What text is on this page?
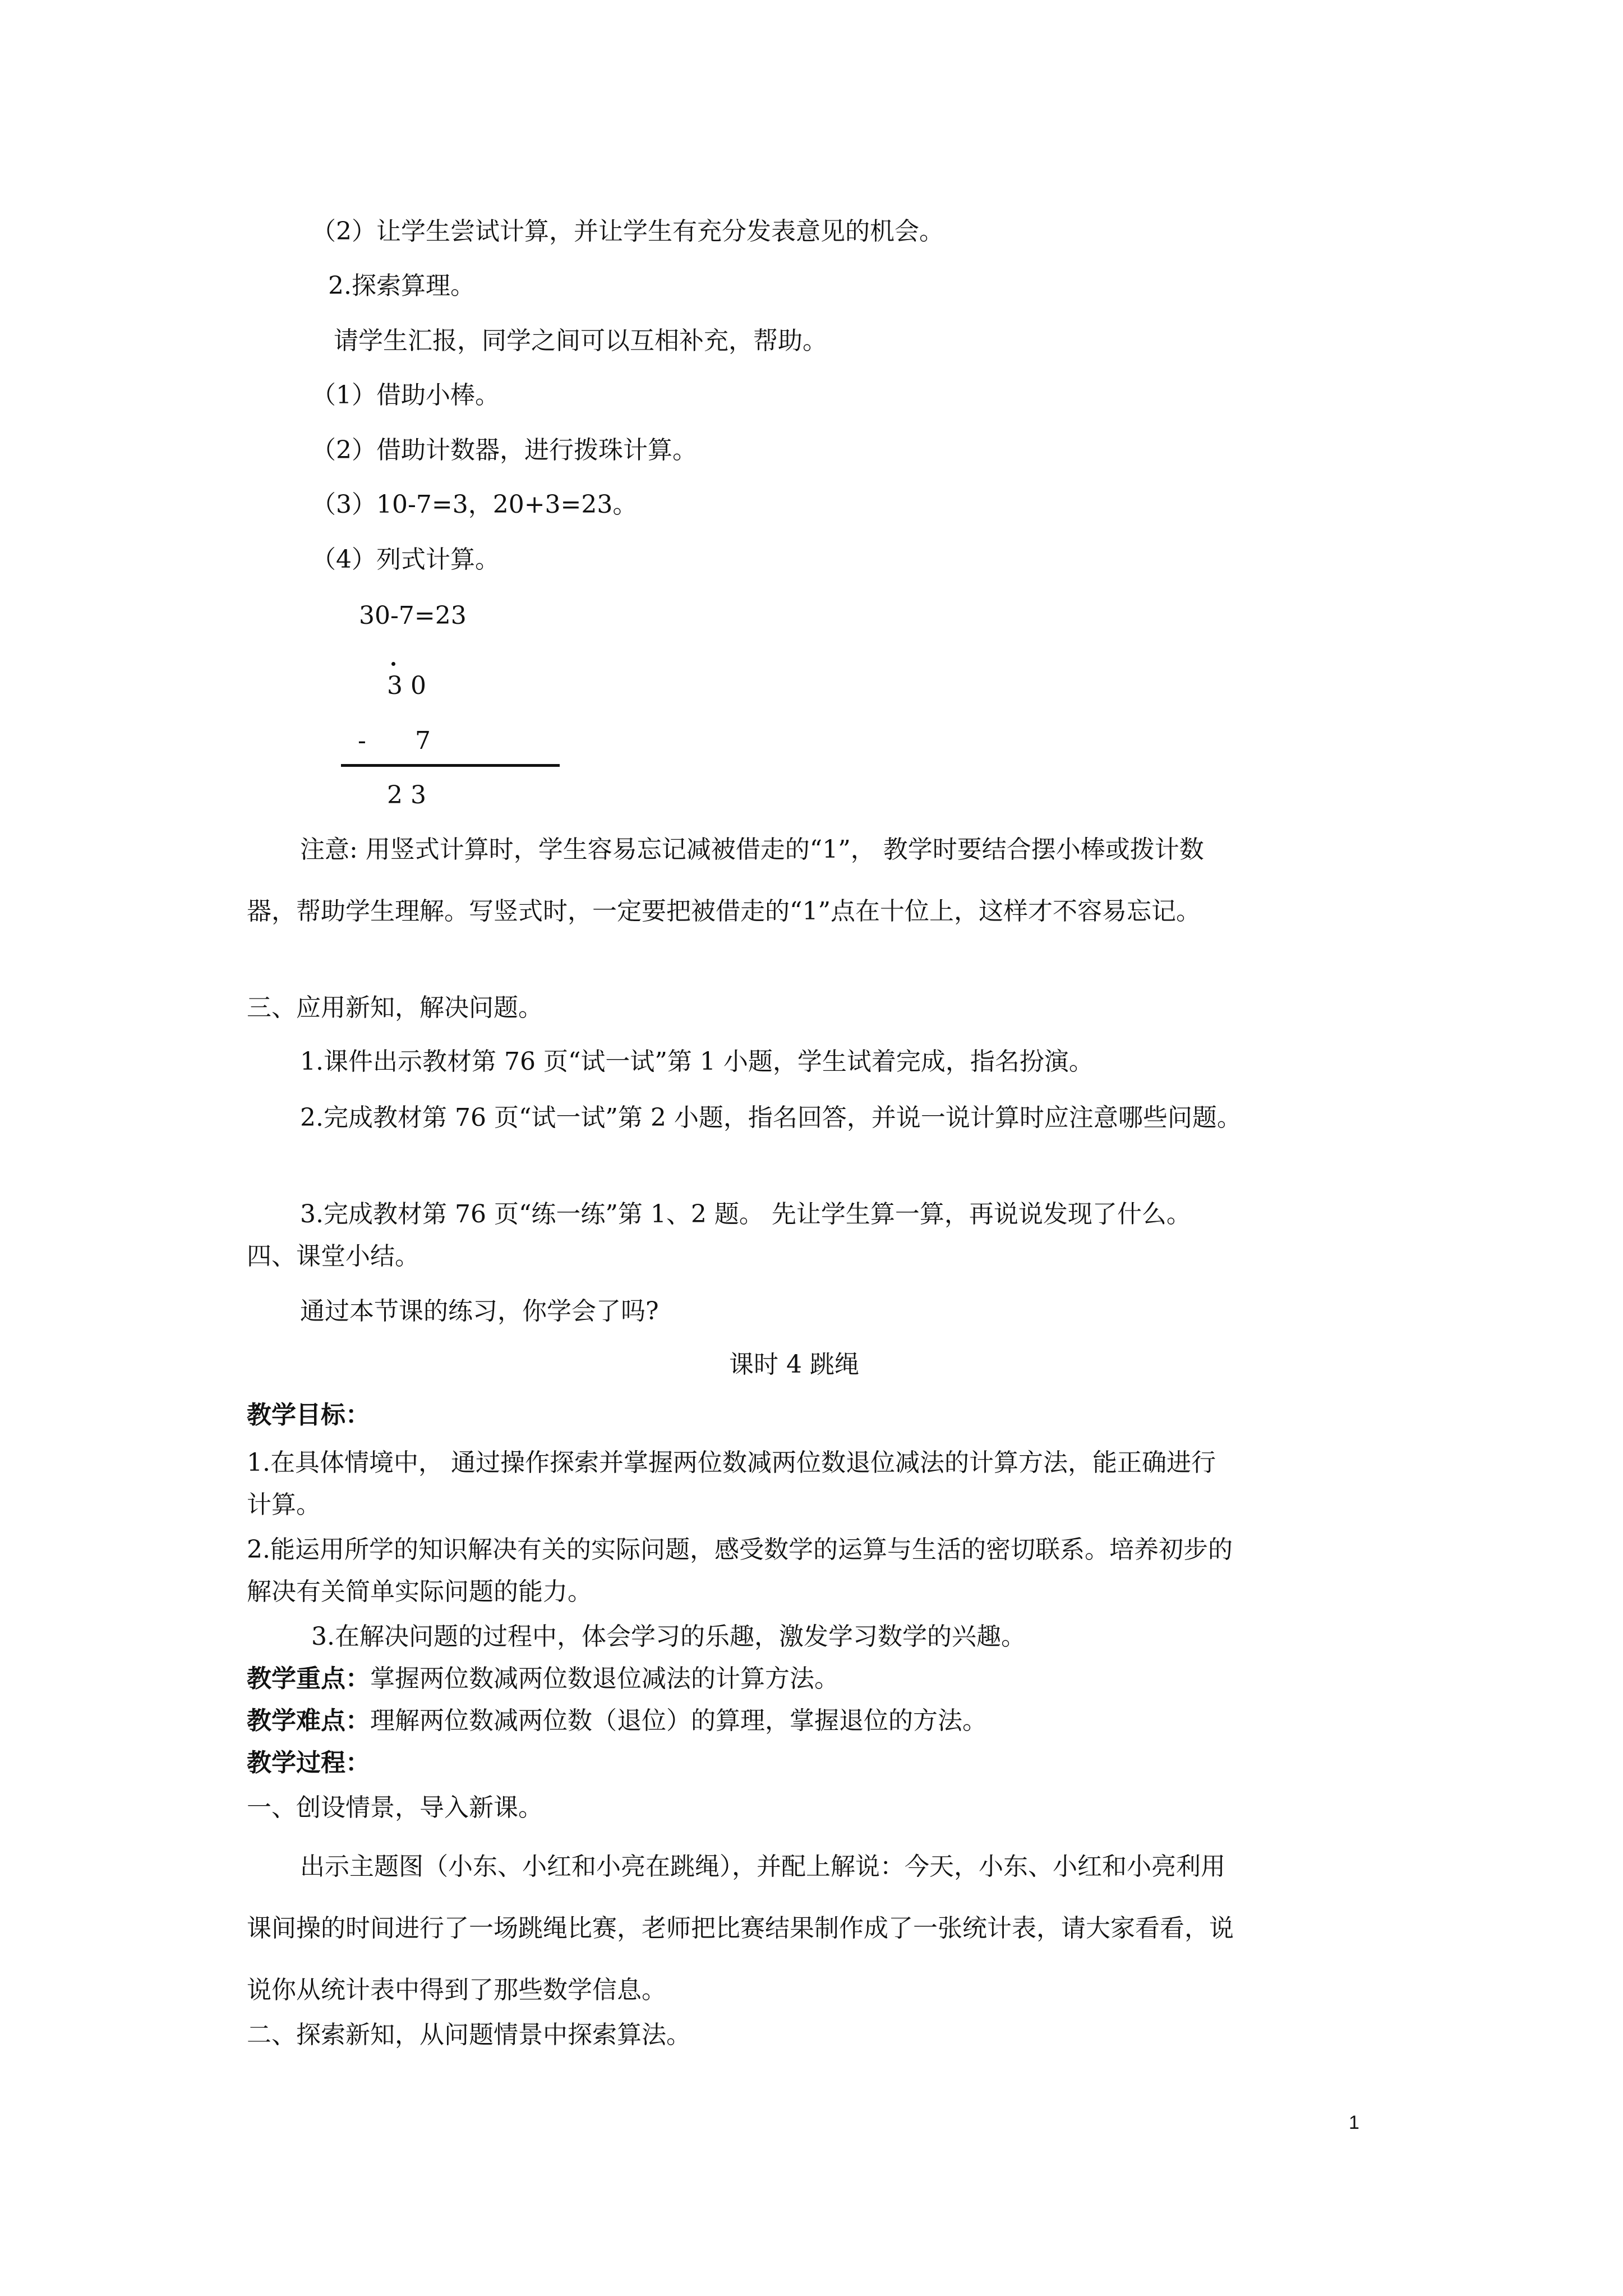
（2）让学生尝试计算，并让学生有充分发表意见的机会。
2.探索算理。
请学生汇报，同学之间可以互相补充，帮助。
（1）借助小棒。
（2）借助计数器，进行拨珠计算。
（3）10-7=3，20+3=23。
（4）列式计算。
30-7=23
3 0
- 7
2 3
注意: 用竖式计算时，学生容易忘记减被借走的“1”， 教学时要结合摆小棒或拨计数
器，帮助学生理解。写竖式时，一定要把被借走的“1”点在十位上，这样才不容易忘记。
三、应用新知，解决问题。
1.课件出示教材第 76 页“试一试”第 1 小题，学生试着完成，指名扮演。
2.完成教材第 76 页“试一试”第 2 小题，指名回答，并说一说计算时应注意哪些问题。
3.完成教材第 76 页“练一练”第 1、2 题。 先让学生算一算，再说说发现了什么。
四、课堂小结。
通过本节课的练习，你学会了吗?
课时 4 跳绳
教学目标：
1.在具体情境中， 通过操作探索并掌握两位数减两位数退位减法的计算方法，能正确进行
计算。
2.能运用所学的知识解决有关的实际问题，感受数学的运算与生活的密切联系。培养初步的
解决有关简单实际问题的能力。
3.在解决问题的过程中，体会学习的乐趣，激发学习数学的兴趣。
教学重点：掌握两位数减两位数退位减法的计算方法。
教学难点：理解两位数减两位数（退位）的算理，掌握退位的方法。
教学过程：
一、创设情景，导入新课。
出示主题图（小东、小红和小亮在跳绳），并配上解说：今天，小东、小红和小亮利用
课间操的时间进行了一场跳绳比赛，老师把比赛结果制作成了一张统计表，请大家看看，说
说你从统计表中得到了那些数学信息。
二、探索新知，从问题情景中探索算法。
1
